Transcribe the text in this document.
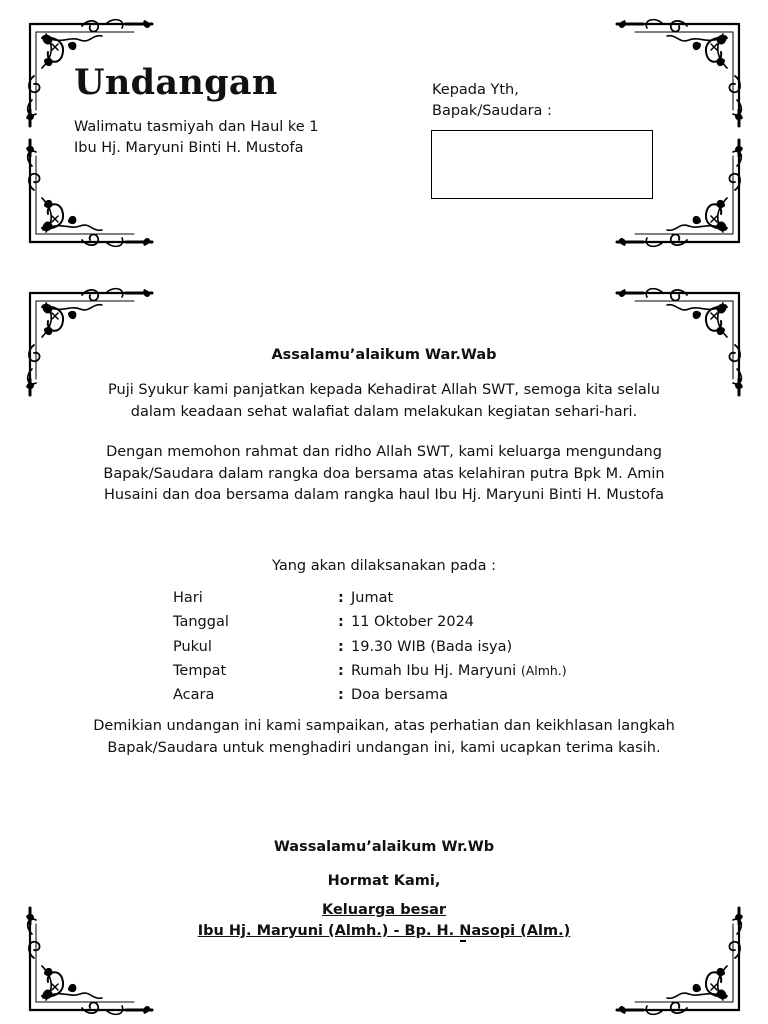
Undangan
Walimatu tasmiyah dan Haul ke 1 Ibu Hj. Maryuni Binti H. Mustofa
Kepada Yth,
Bapak/Saudara :
Assalamu’alaikum War.Wab
Puji Syukur kami panjatkan kepada Kehadirat Allah SWT, semoga kita selalu dalam keadaan sehat walafiat dalam melakukan kegiatan sehari-hari.
Dengan memohon rahmat dan ridho Allah SWT, kami keluarga mengundang Bapak/Saudara dalam rangka doa bersama atas kelahiran putra Bpk M. Amin Husaini dan doa bersama dalam rangka haul Ibu Hj. Maryuni Binti H. Mustofa
Yang akan dilaksanakan pada :
Hari	: Jumat
Tanggal	: 11 Oktober 2024
Pukul	: 19.30 WIB (Bada isya)
Tempat	: Rumah Ibu Hj. Maryuni (Almh.)
Acara	: Doa bersama
Demikian undangan ini kami sampaikan, atas perhatian dan keikhlasan langkah Bapak/Saudara untuk menghadiri undangan ini, kami ucapkan terima kasih.
Wassalamu’alaikum Wr.Wb
Hormat Kami,
Keluarga besar
Ibu Hj. Maryuni (Almh.) - Bp. H. Nasopi (Alm.)
